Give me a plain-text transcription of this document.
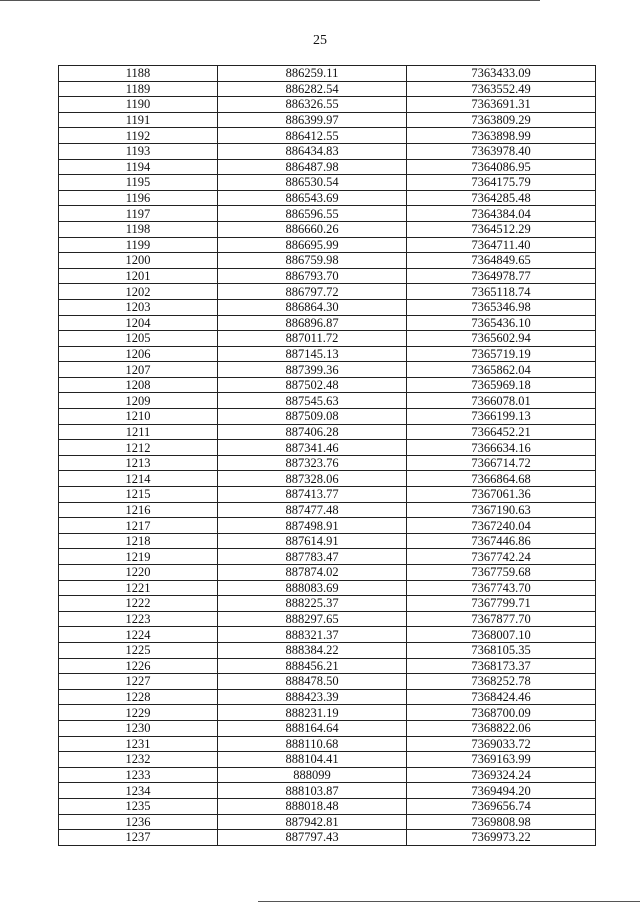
25
1188	886259.11	7363433.09
1189	886282.54	7363552.49
1190	886326.55	7363691.31
1191	886399.97	7363809.29
1192	886412.55	7363898.99
1193	886434.83	7363978.40
1194	886487.98	7364086.95
1195	886530.54	7364175.79
1196	886543.69	7364285.48
1197	886596.55	7364384.04
1198	886660.26	7364512.29
1199	886695.99	7364711.40
1200	886759.98	7364849.65
1201	886793.70	7364978.77
1202	886797.72	7365118.74
1203	886864.30	7365346.98
1204	886896.87	7365436.10
1205	887011.72	7365602.94
1206	887145.13	7365719.19
1207	887399.36	7365862.04
1208	887502.48	7365969.18
1209	887545.63	7366078.01
1210	887509.08	7366199.13
1211	887406.28	7366452.21
1212	887341.46	7366634.16
1213	887323.76	7366714.72
1214	887328.06	7366864.68
1215	887413.77	7367061.36
1216	887477.48	7367190.63
1217	887498.91	7367240.04
1218	887614.91	7367446.86
1219	887783.47	7367742.24
1220	887874.02	7367759.68
1221	888083.69	7367743.70
1222	888225.37	7367799.71
1223	888297.65	7367877.70
1224	888321.37	7368007.10
1225	888384.22	7368105.35
1226	888456.21	7368173.37
1227	888478.50	7368252.78
1228	888423.39	7368424.46
1229	888231.19	7368700.09
1230	888164.64	7368822.06
1231	888110.68	7369033.72
1232	888104.41	7369163.99
1233	888099	7369324.24
1234	888103.87	7369494.20
1235	888018.48	7369656.74
1236	887942.81	7369808.98
1237	887797.43	7369973.22
